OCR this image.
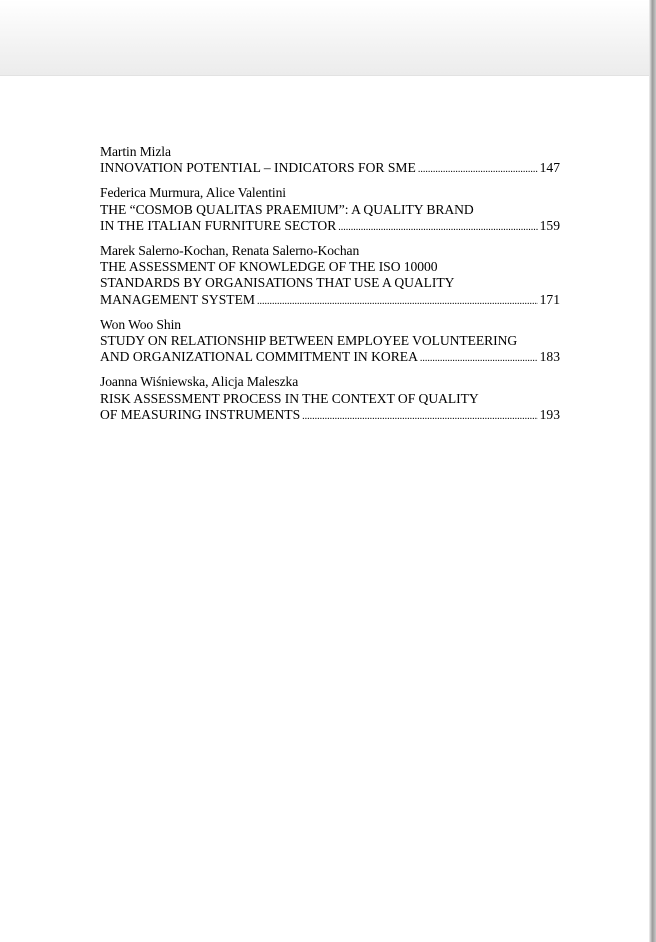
Martin Mizla
INNOVATION POTENTIAL – INDICATORS FOR SME .....	147
Federica Murmura, Alice Valentini
THE “COSMOB QUALITAS PRAEMIUM”: A QUALITY BRAND
IN THE ITALIAN FURNITURE SECTOR .....	159
Marek Salerno-Kochan, Renata Salerno-Kochan
THE ASSESSMENT OF KNOWLEDGE OF THE ISO 10000
STANDARDS BY ORGANISATIONS THAT USE A QUALITY
MANAGEMENT SYSTEM .....	171
Won Woo Shin
STUDY ON RELATIONSHIP BETWEEN EMPLOYEE VOLUNTEERING
AND ORGANIZATIONAL COMMITMENT IN KOREA .....	183
Joanna Wiśniewska, Alicja Maleszka
RISK ASSESSMENT PROCESS IN THE CONTEXT OF QUALITY
OF MEASURING INSTRUMENTS .....	193
